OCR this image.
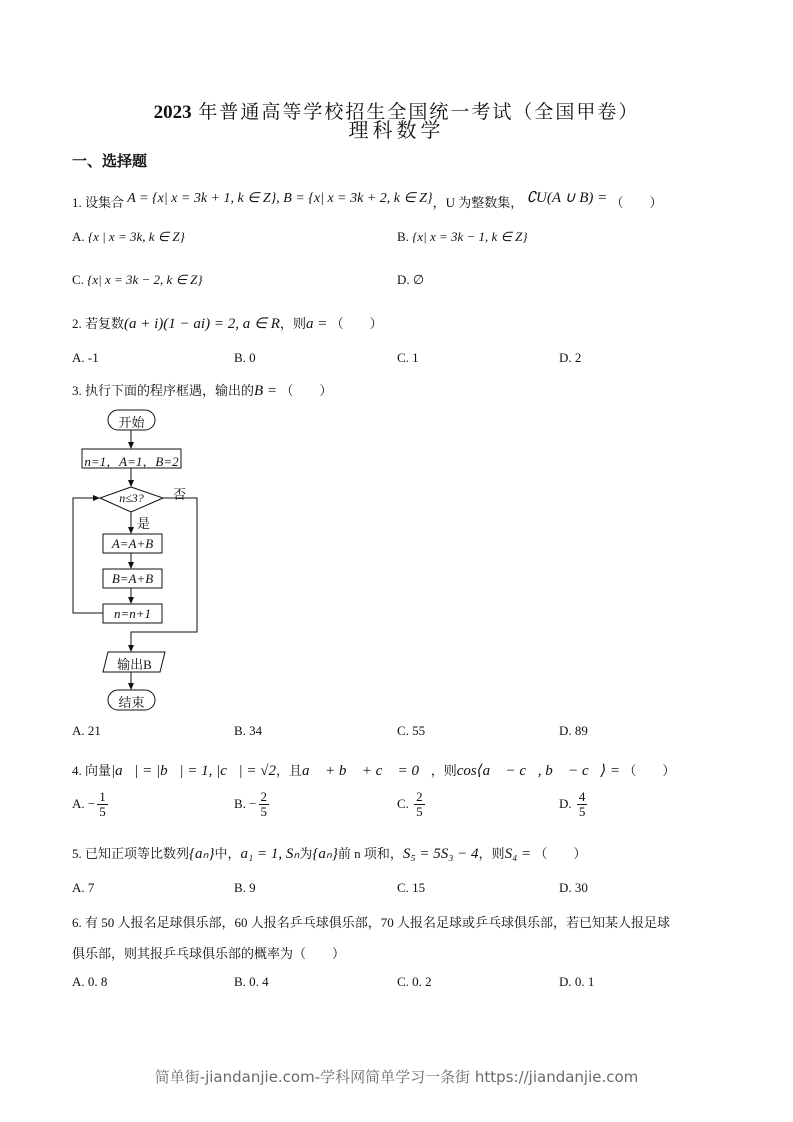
2023 年普通高等学校招生全国统一考试（全国甲卷）
理科数学
一、选择题
1. 设集合 A = {x| x = 3k + 1, k ∈ Z}, B = {x| x = 3k + 2, k ∈ Z}，U 为整数集， ∁U(A ∪ B) = （　　）
A. {x | x = 3k, k ∈ Z}	B. {x| x = 3k − 1, k ∈ Z}
C. {x| x = 3k − 2, k ∈ Z}	D. ∅
2. 若复数(a + i)(1 − ai) = 2, a ∈ R，则a = （　　）
A. -1	B. 0	C. 1	D. 2
3. 执行下面的程序框遇，输出的B = （　　）
开始
n=1，A=1，B=2
n≤3?	否
是
A=A+B
B=A+B
n=n+1
输出B
结束
A. 21	B. 34	C. 55	D. 89
4. 向量|a⃗| = |b⃗| = 1, |c⃗| = √2，且a⃗ + b⃗ + c⃗ = 0⃗，则cos⟨a⃗ − c⃗, b⃗ − c⃗⟩ = （　　）
A. − $\frac{1}{5}$	B. − $\frac{2}{5}$	C. $\frac{2}{5}$	D. $\frac{4}{5}$
5. 已知正项等比数列{aₙ}中，a₁ = 1, Sₙ为{aₙ}前 n 项和，S₅ = 5S₃ − 4，则S₄ = （　　）
A. 7	B. 9	C. 15	D. 30
6. 有 50 人报名足球俱乐部，60 人报名乒乓球俱乐部，70 人报名足球或乒乓球俱乐部，若已知某人报足球
俱乐部，则其报乒乓球俱乐部的概率为（　　）
A. 0. 8	B. 0. 4	C. 0. 2	D. 0. 1
简单街-jiandanjie.com-学科网简单学习一条街 https://jiandanjie.com
